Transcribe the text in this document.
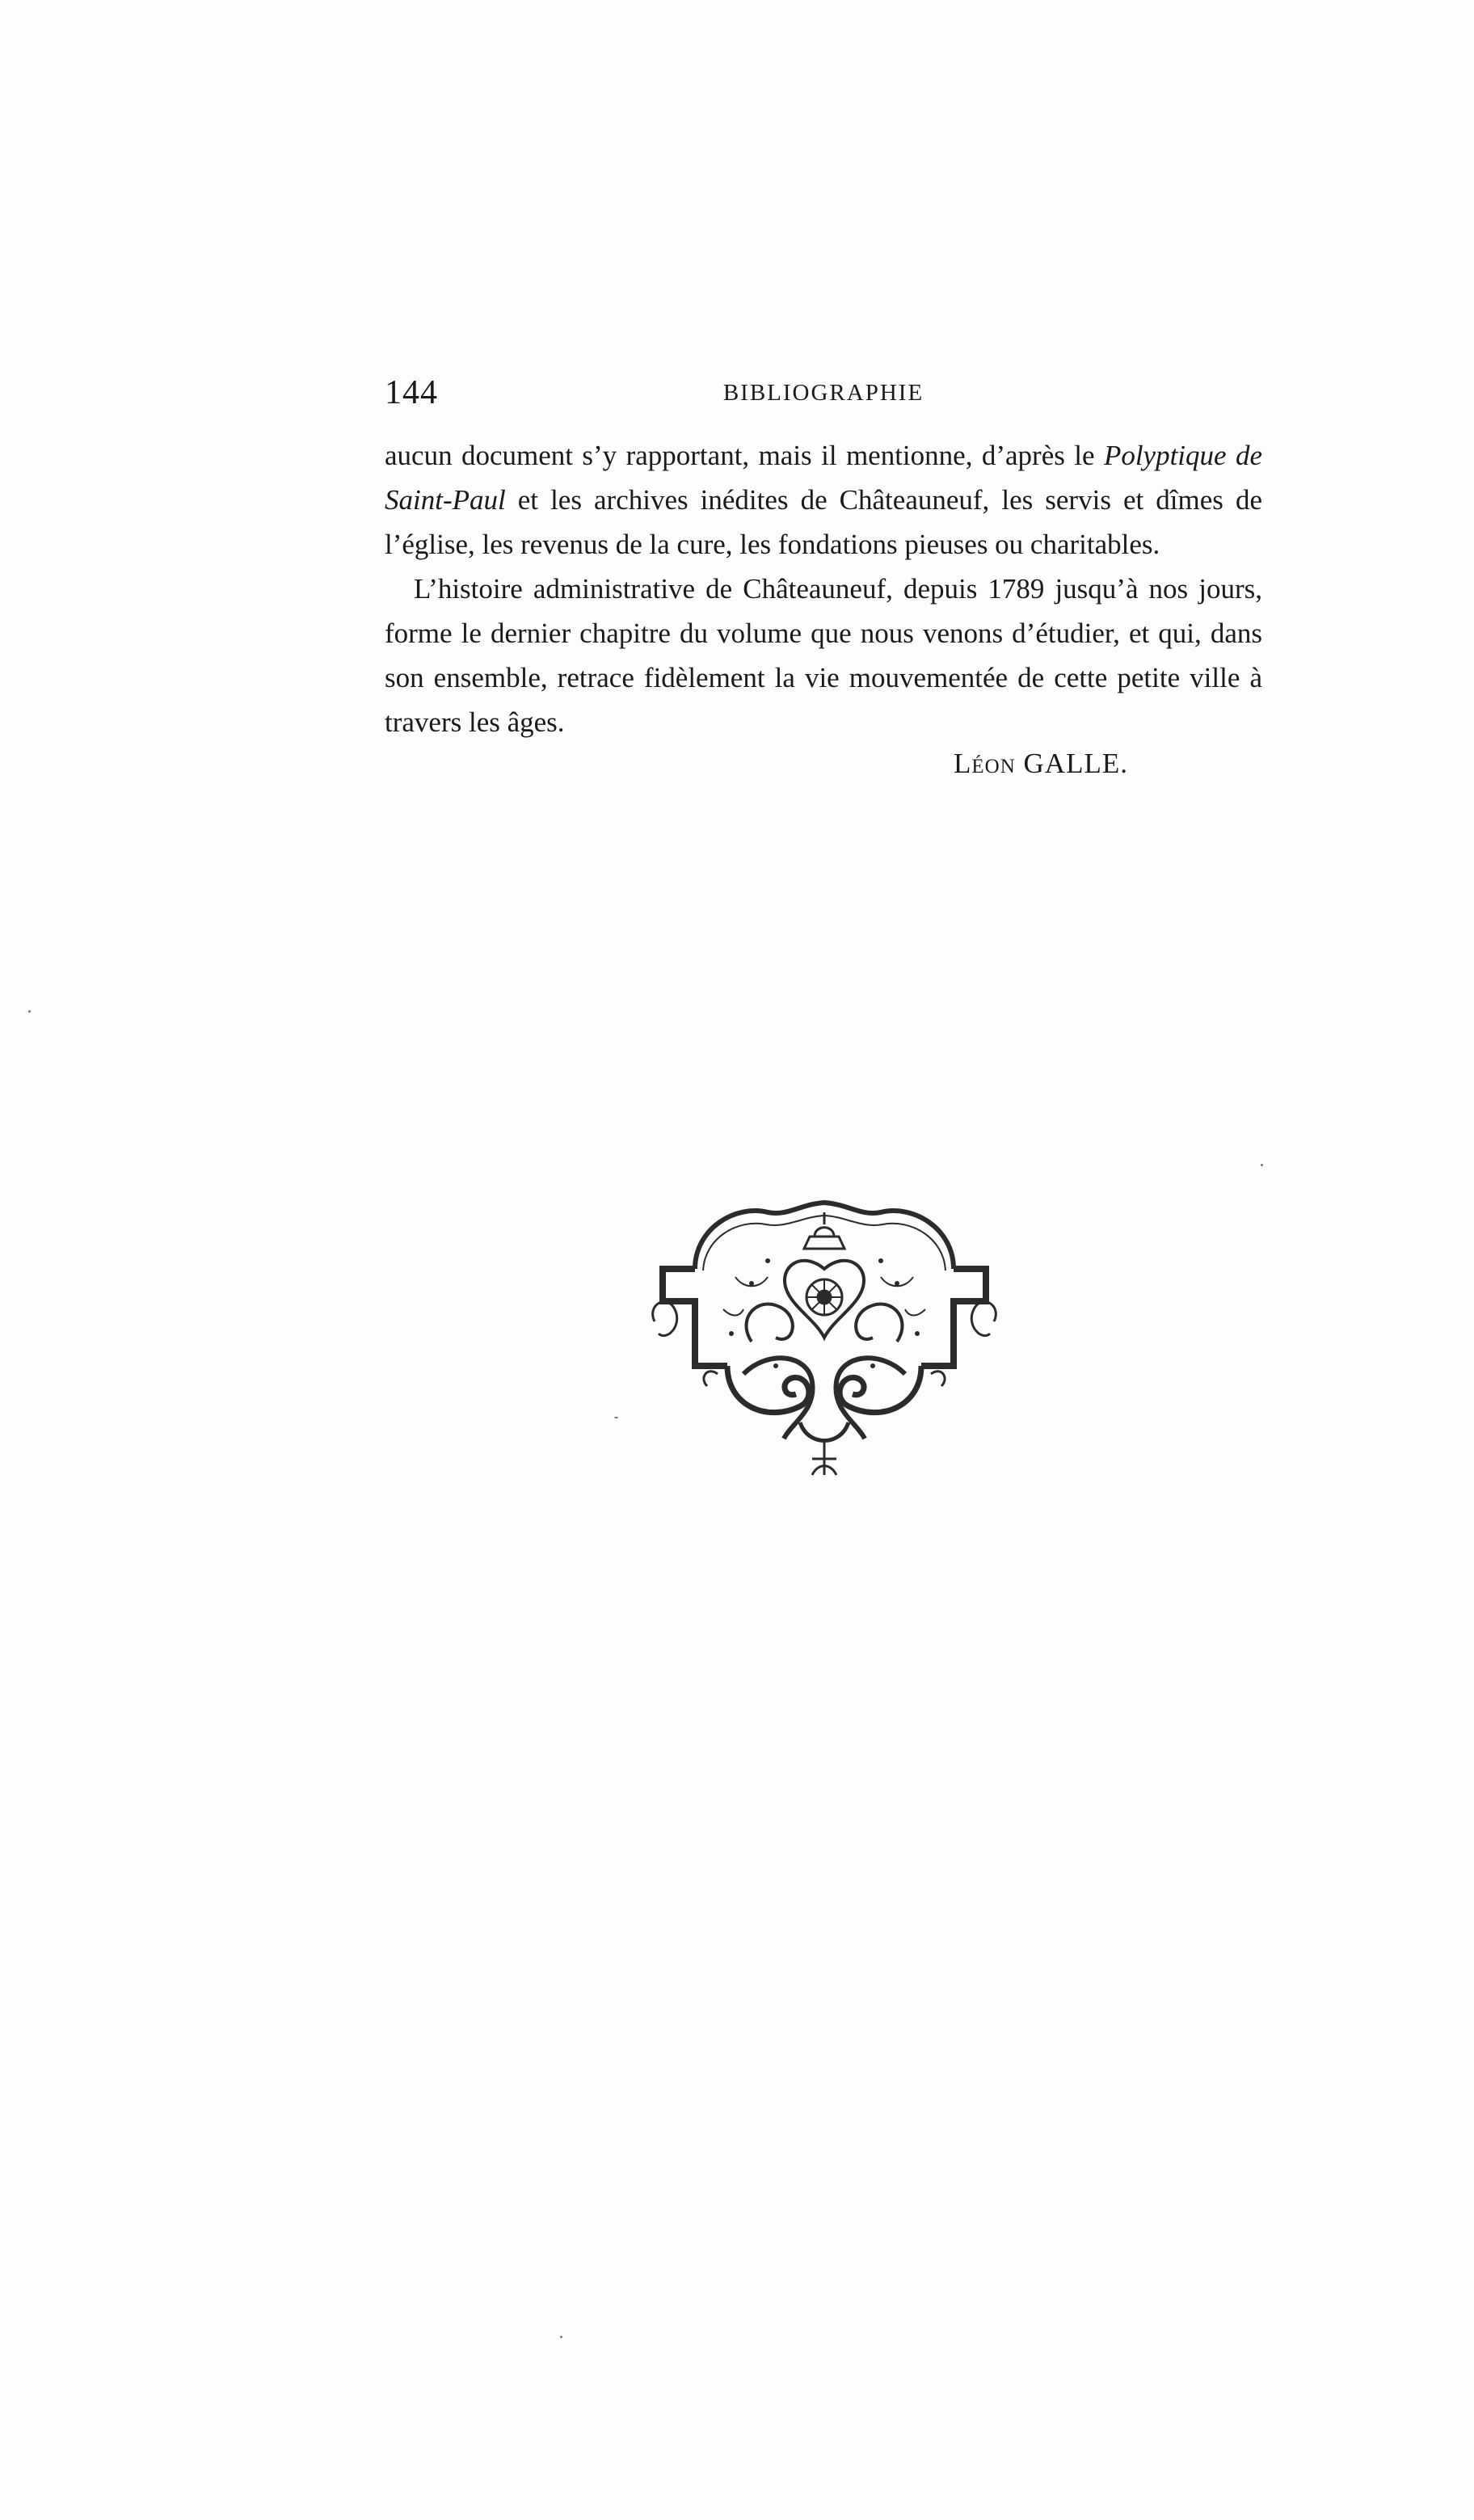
144	BIBLIOGRAPHIE

aucun document s’y rapportant, mais il mentionne, d’après le Polyptique de Saint-Paul et les archives inédites de Châteauneuf, les servis et dîmes de l’église, les revenus de la cure, les fondations pieuses ou charitables.

L’histoire administrative de Châteauneuf, depuis 1789 jusqu’à nos jours, forme le dernier chapitre du volume que nous venons d’étudier, et qui, dans son ensemble, retrace fidèlement la vie mouvementée de cette petite ville à travers les âges.

Léon GALLE.
